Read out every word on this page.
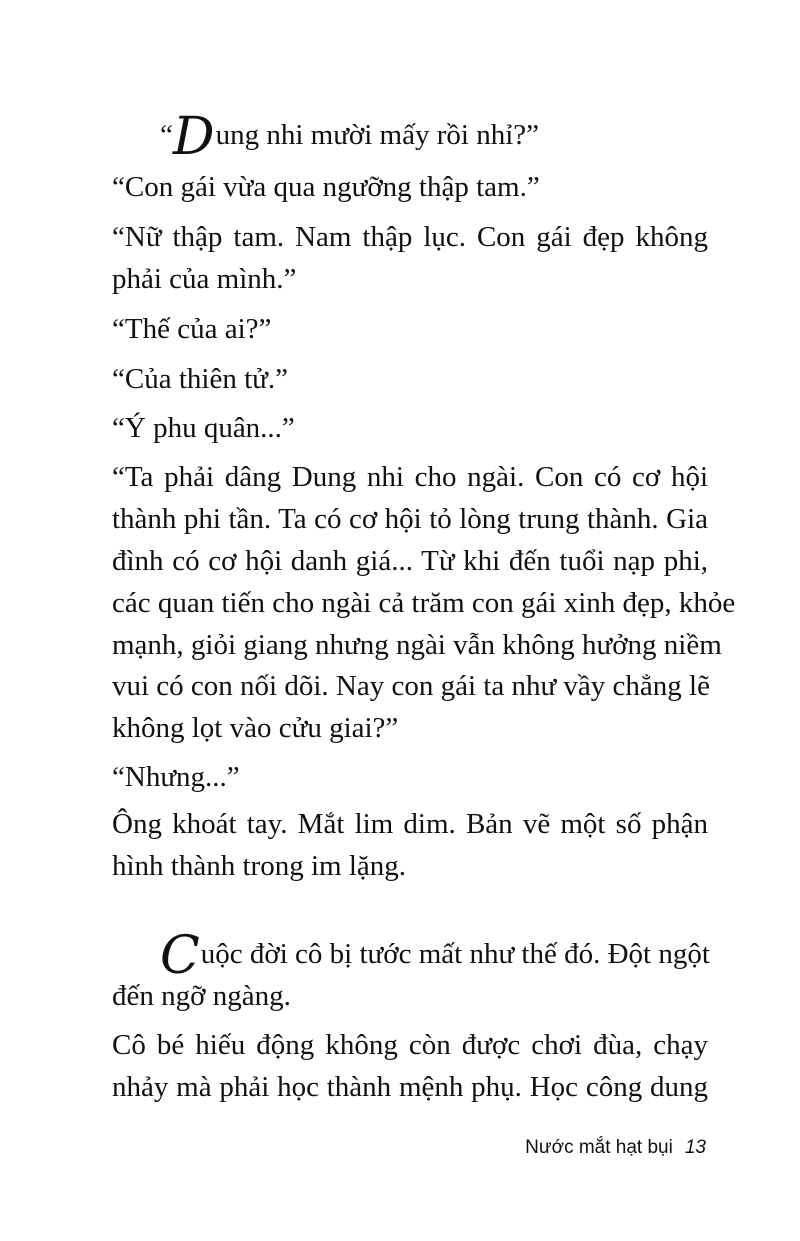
“Dung nhi mười mấy rồi nhỉ?”

“Con gái vừa qua ngưỡng thập tam.”

“Nữ thập tam. Nam thập lục. Con gái đẹp không

phải của mình.”

“Thế của ai?”

“Của thiên tử.”

“Ý phu quân...”

“Ta phải dâng Dung nhi cho ngài. Con có cơ hội

thành phi tần. Ta có cơ hội tỏ lòng trung thành. Gia

đình có cơ hội danh giá... Từ khi đến tuổi nạp phi,

các quan tiến cho ngài cả trăm con gái xinh đẹp, khỏe

mạnh, giỏi giang nhưng ngài vẫn không hưởng niềm

vui có con nối dõi. Nay con gái ta như vầy chẳng lẽ

không lọt vào cửu giai?”

“Nhưng...”

Ông khoát tay. Mắt lim dim. Bản vẽ một số phận

hình thành trong im lặng.

Cuộc đời cô bị tước mất như thế đó. Đột ngột

đến ngỡ ngàng.

Cô bé hiếu động không còn được chơi đùa, chạy

nhảy mà phải học thành mệnh phụ. Học công dung

Nước mắt hạt bụi 13
